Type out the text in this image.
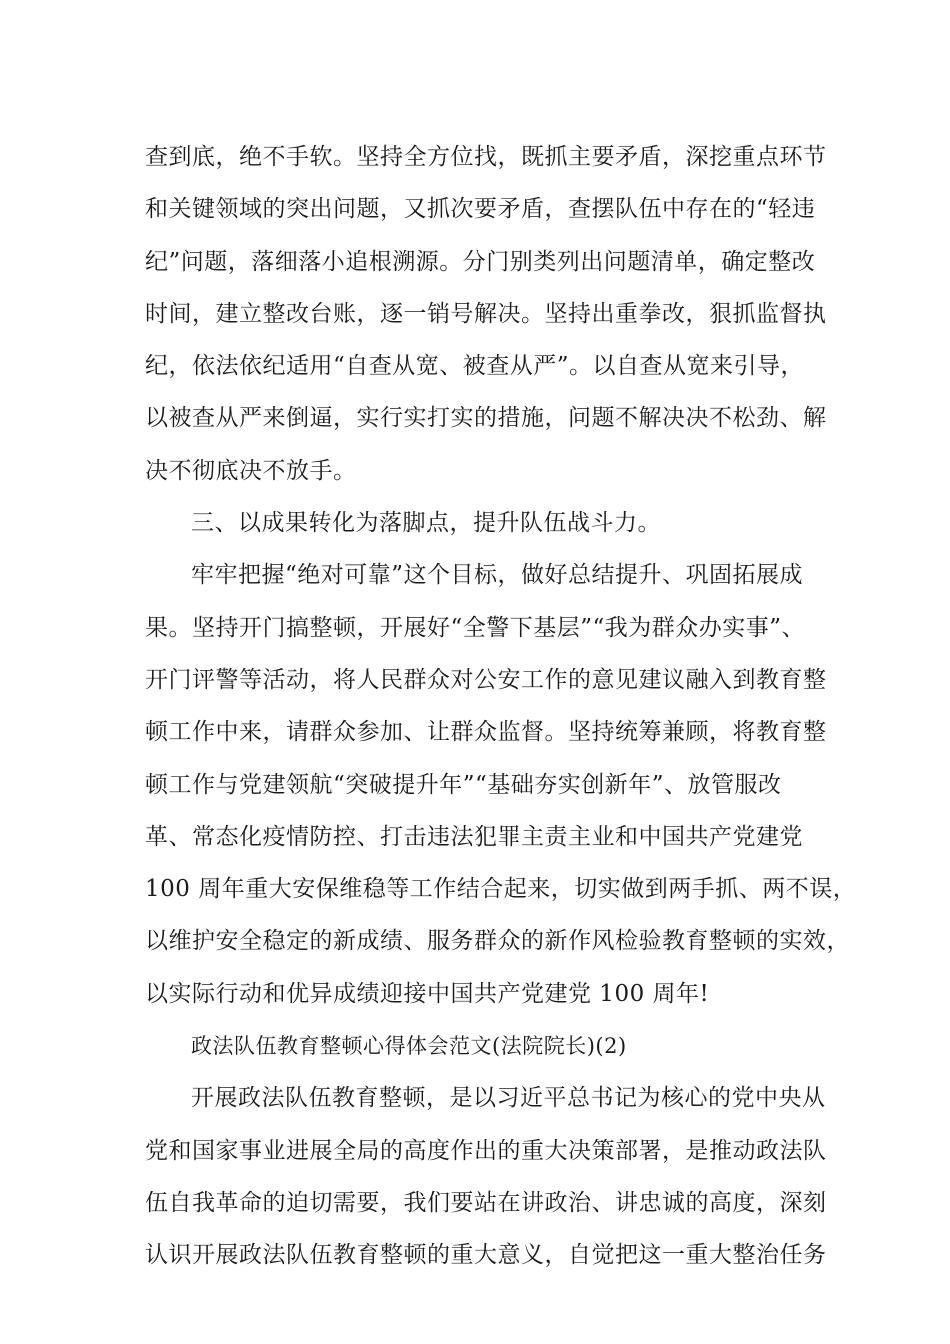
查到底，绝不手软。坚持全方位找，既抓主要矛盾，深挖重点环节
和关键领域的突出问题，又抓次要矛盾，查摆队伍中存在的“轻违
纪”问题，落细落小追根溯源。分门别类列出问题清单，确定整改
时间，建立整改台账，逐一销号解决。坚持出重拳改，狠抓监督执
纪，依法依纪适用“自查从宽、被查从严”。以自查从宽来引导，
以被查从严来倒逼，实行实打实的措施，问题不解决决不松劲、解
决不彻底决不放手。
三、以成果转化为落脚点，提升队伍战斗力。
牢牢把握“绝对可靠”这个目标，做好总结提升、巩固拓展成
果。坚持开门搞整顿，开展好“全警下基层”“我为群众办实事”、
开门评警等活动，将人民群众对公安工作的意见建议融入到教育整
顿工作中来，请群众参加、让群众监督。坚持统筹兼顾，将教育整
顿工作与党建领航“突破提升年”“基础夯实创新年”、放管服改
革、常态化疫情防控、打击违法犯罪主责主业和中国共产党建党
100 周年重大安保维稳等工作结合起来，切实做到两手抓、两不误，
以维护安全稳定的新成绩、服务群众的新作风检验教育整顿的实效，
以实际行动和优异成绩迎接中国共产党建党 100 周年!
政法队伍教育整顿心得体会范文(法院院长)(2)
开展政法队伍教育整顿，是以习近平总书记为核心的党中央从
党和国家事业进展全局的高度作出的重大决策部署，是推动政法队
伍自我革命的迫切需要，我们要站在讲政治、讲忠诚的高度，深刻
认识开展政法队伍教育整顿的重大意义，自觉把这一重大整治任务
